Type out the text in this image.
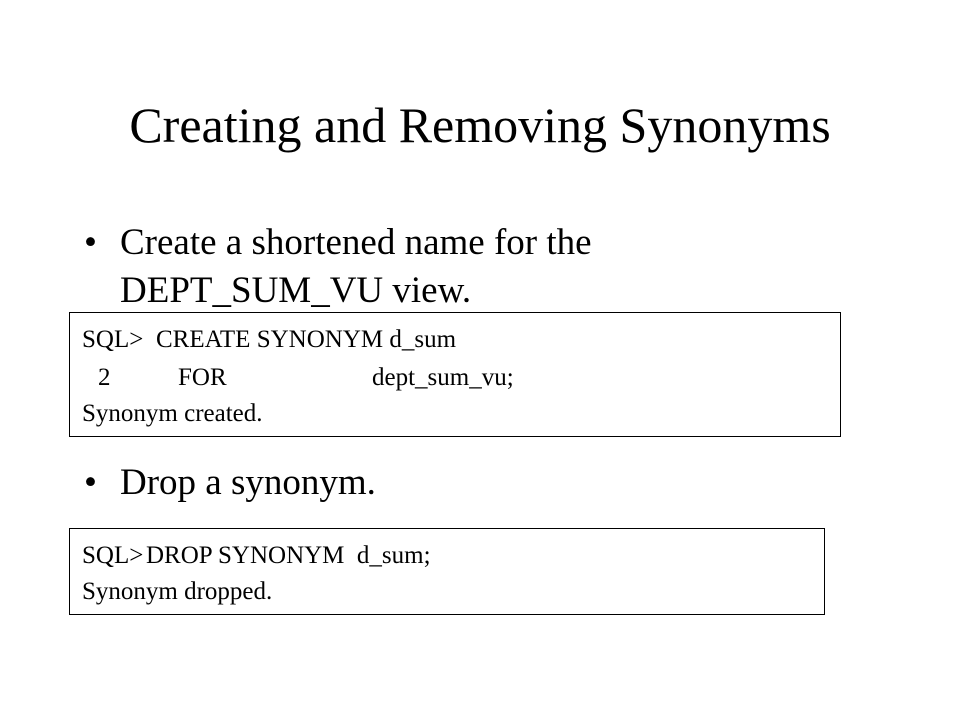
Creating and Removing Synonyms
• Create a shortened name for the
DEPT_SUM_VU view.
SQL> CREATE SYNONYM d_sum
2	FOR	dept_sum_vu;
Synonym created.
• Drop a synonym.
SQL> DROP SYNONYM  d_sum;
Synonym dropped.
